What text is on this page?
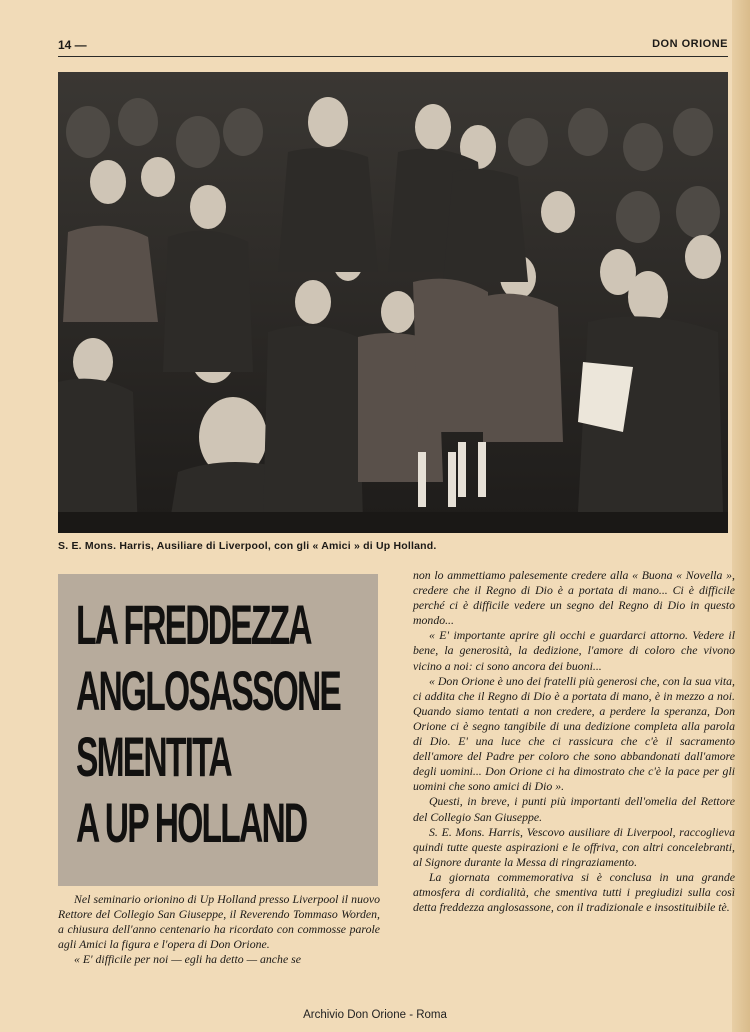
14 —	DON ORIONE
S. E. Mons. Harris, Ausiliare di Liverpool, con gli « Amici » di Up Holland.
LA FREDDEZZA
ANGLOSASSONE
SMENTITA
A UP HOLLAND

Nel seminario orionino di Up Holland presso Liverpool il nuovo Rettore del Collegio San Giuseppe, il Reverendo Tommaso Worden, a chiusura dell'anno centenario ha ricordato con commosse parole agli Amici la figura e l'opera di Don Orione.

« E' difficile per noi — egli ha detto — anche se

non lo ammettiamo palesemente credere alla « Buona « Novella », credere che il Regno di Dio è a portata di mano... Ci è difficile perché ci è difficile vedere un segno del Regno di Dio in questo mondo...

« E' importante aprire gli occhi e guardarci attorno. Vedere il bene, la generosità, la dedizione, l'amore di coloro che vivono vicino a noi: ci sono ancora dei buoni...

« Don Orione è uno dei fratelli più generosi che, con la sua vita, ci addita che il Regno di Dio è a portata di mano, è in mezzo a noi. Quando siamo tentati a non credere, a perdere la speranza, Don Orione ci è segno tangibile di una dedizione completa alla parola di Dio. E' una luce che ci rassicura che c'è il sacramento dell'amore del Padre per coloro che sono abbandonati dall'amore degli uomini... Don Orione ci ha dimostrato che c'è la pace per gli uomini che sono amici di Dio ».

Questi, in breve, i punti più importanti dell'omelia del Rettore del Collegio San Giuseppe.

S. E. Mons. Harris, Vescovo ausiliare di Liverpool, raccoglieva quindi tutte queste aspirazioni e le offriva, con altri concelebranti, al Signore durante la Messa di ringraziamento.

La giornata commemorativa si è conclusa in una grande atmosfera di cordialità, che smentiva tutti i pregiudizi sulla così detta freddezza anglosassone, con il tradizionale e insostituibile tè.

Archivio Don Orione - Roma
